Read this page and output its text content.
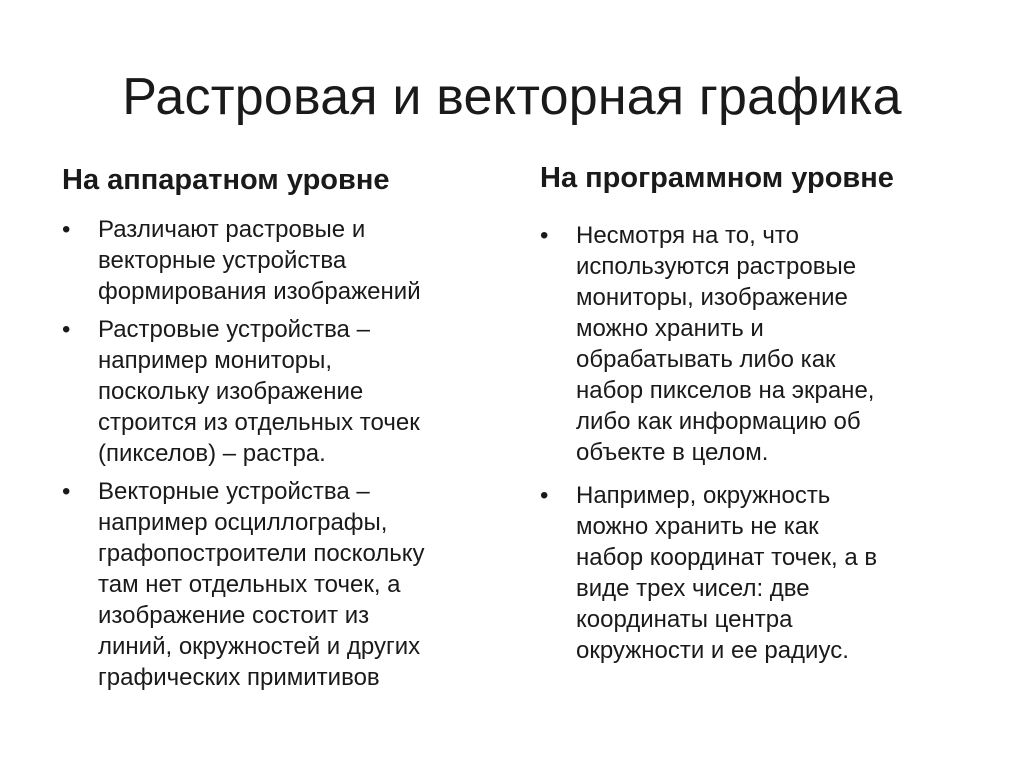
Растровая и векторная графика
На аппаратном уровне
•	Различают растровые и
векторные устройства
формирования изображений
•	Растровые устройства –
например мониторы,
поскольку изображение
строится из отдельных точек
(пикселов) – растра.
•	Векторные устройства –
например осциллографы,
графопостроители поскольку
там нет отдельных точек, а
изображение состоит из
линий, окружностей и других
графических примитивов
На программном уровне
•	Несмотря на то, что
используются растровые
мониторы, изображение
можно хранить и
обрабатывать либо как
набор пикселов на экране,
либо как информацию об
объекте в целом.
•	Например, окружность
можно хранить не как
набор координат точек, а в
виде трех чисел: две
координаты центра
окружности и ее радиус.
